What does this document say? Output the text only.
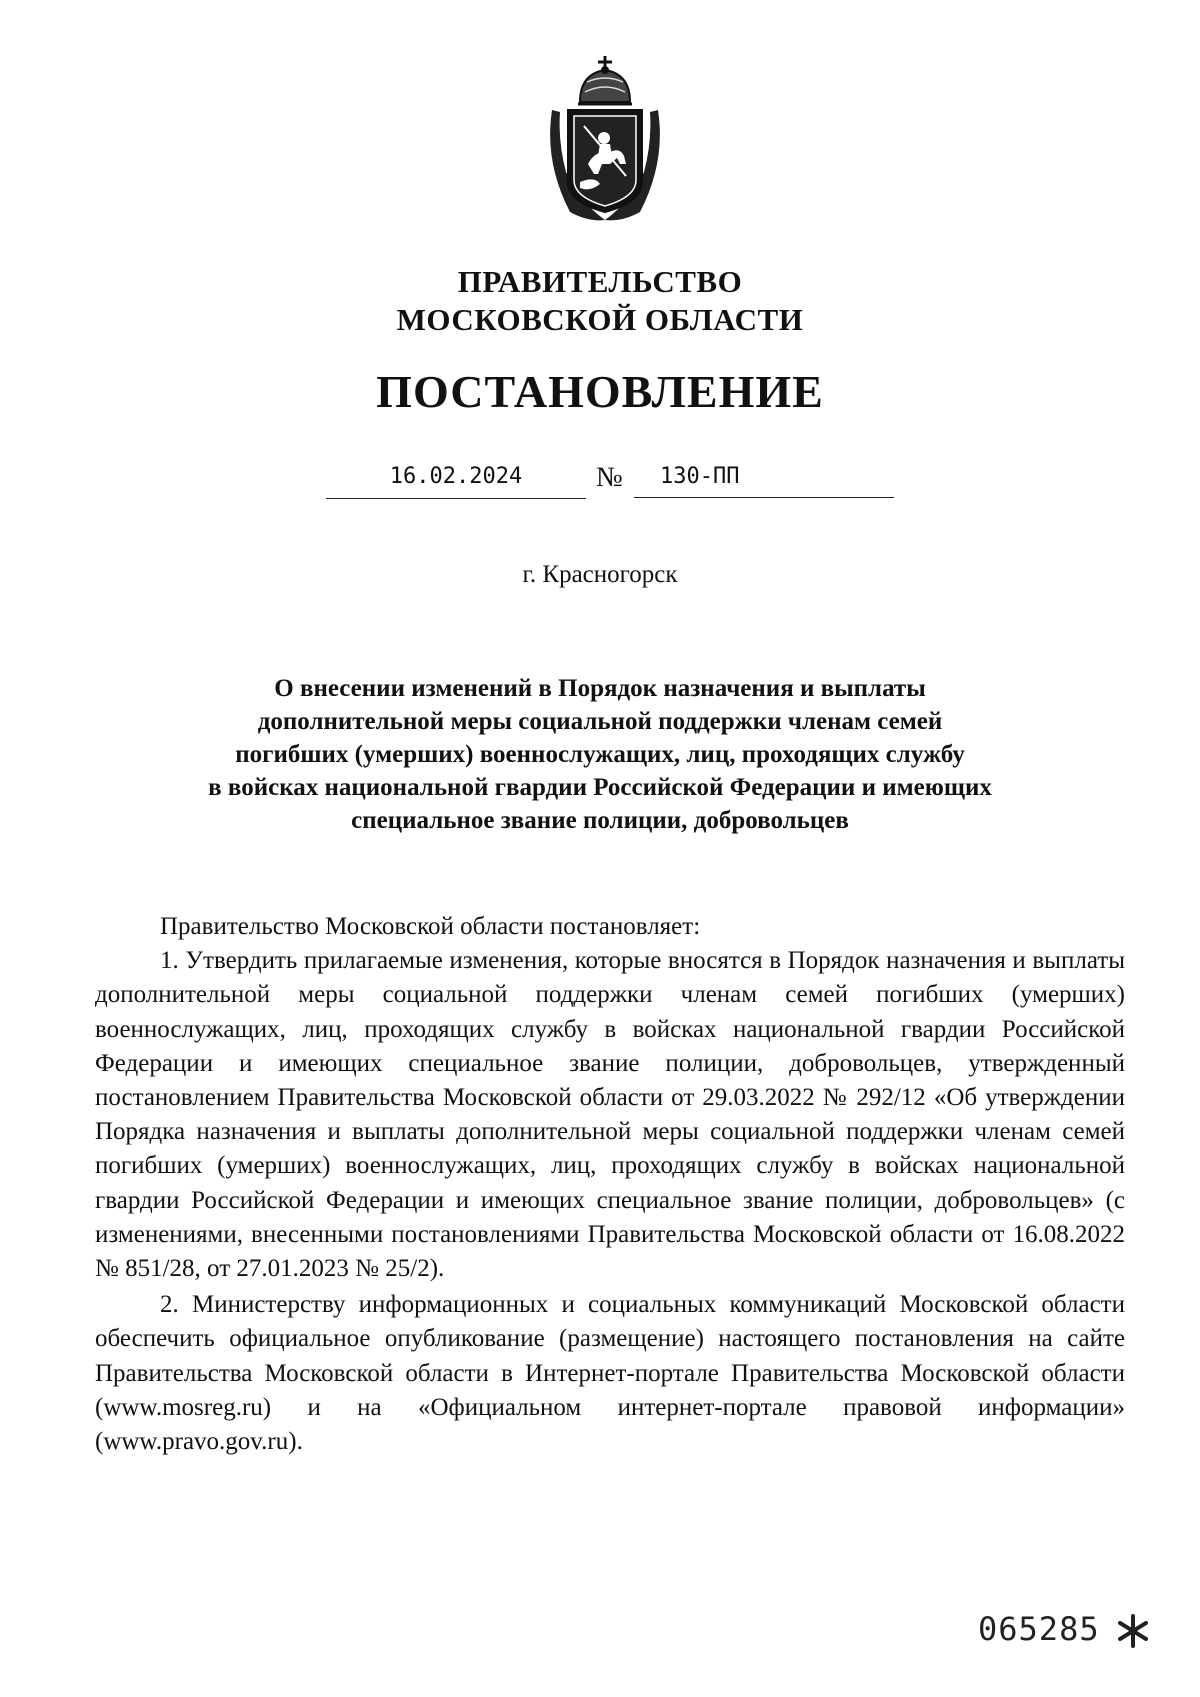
ПРАВИТЕЛЬСТВО
МОСКОВСКОЙ ОБЛАСТИ
ПОСТАНОВЛЕНИЕ
16.02.2024	№	130-ПП
г. Красногорск
О внесении изменений в Порядок назначения и выплаты
дополнительной меры социальной поддержки членам семей
погибших (умерших) военнослужащих, лиц, проходящих службу
в войсках национальной гвардии Российской Федерации и имеющих
специальное звание полиции, добровольцев

Правительство Московской области постановляет:

1. Утвердить прилагаемые изменения, которые вносятся в Порядок назначения и выплаты дополнительной меры социальной поддержки членам семей погибших (умерших) военнослужащих, лиц, проходящих службу в войсках национальной гвардии Российской Федерации и имеющих специальное звание полиции, добровольцев, утвержденный постановлением Правительства Московской области от 29.03.2022 № 292/12 «Об утверждении Порядка назначения и выплаты дополнительной меры социальной поддержки членам семей погибших (умерших) военнослужащих, лиц, проходящих службу в войсках национальной гвардии Российской Федерации и имеющих специальное звание полиции, добровольцев» (с изменениями, внесенными постановлениями Правительства Московской области от 16.08.2022 № 851/28, от 27.01.2023 № 25/2).

2. Министерству информационных и социальных коммуникаций Московской области обеспечить официальное опубликование (размещение) настоящего постановления на сайте Правительства Московской области в Интернет-портале Правительства Московской области (www.mosreg.ru) и на «Официальном интернет-портале правовой информации» (www.pravo.gov.ru).

065285
